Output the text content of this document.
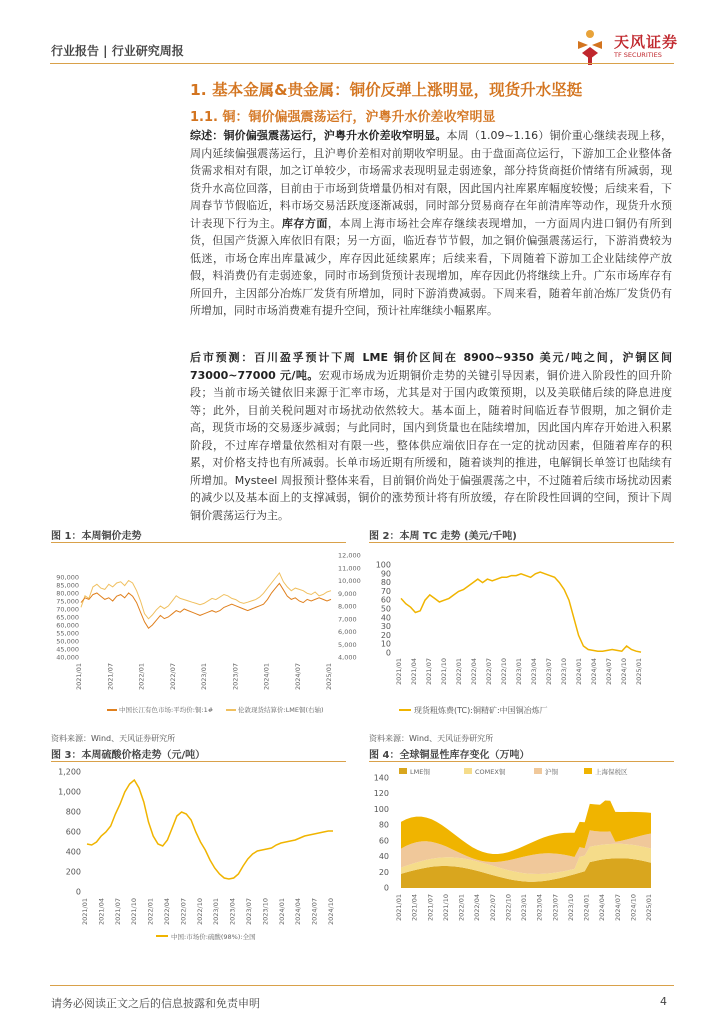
行业报告 | 行业研究周报	天风证券
TF SECURITIES
1. 基本金属&贵金属：铜价反弹上涨明显，现货升水坚挺
1.1. 铜：铜价偏强震荡运行，沪粤升水价差收窄明显

综述：铜价偏强震荡运行，沪粤升水价差收窄明显。本周（1.09~1.16）铜价重心继续表现上移，周内延续偏强震荡运行，且沪粤价差相对前期收窄明显。由于盘面高位运行，下游加工企业整体备货需求相对有限，加之订单较少，市场需求表现明显走弱迹象，部分持货商挺价情绪有所减弱，现货升水高位回落，目前由于市场到货增量仍相对有限，因此国内社库累库幅度较慢；后续来看，下周春节节假临近，料市场交易活跃度逐渐减弱，同时部分贸易商存在年前清库等动作，现货升水预计表现下行为主。库存方面，本周上海市场社会库存继续表现增加，一方面周内进口铜仍有所到货，但国产货源入库依旧有限；另一方面，临近春节节假，加之铜价偏强震荡运行，下游消费较为低迷，市场仓库出库量减少，库存因此延续累库；后续来看，下周随着下游加工企业陆续停产放假，料消费仍有走弱迹象，同时市场到货预计表现增加，库存因此仍将继续上升。广东市场库存有所回升，主因部分冶炼厂发货有所增加，同时下游消费减弱。下周来看，随着年前冶炼厂发货仍有所增加，同时市场消费难有提升空间，预计社库继续小幅累库。

后市预测：百川盈孚预计下周 LME 铜价区间在 8900~9350 美元/吨之间，沪铜区间 73000~77000 元/吨。宏观市场成为近期铜价走势的关键引导因素，铜价进入阶段性的回升阶段；当前市场关键依旧来源于汇率市场，尤其是对于国内政策预期，以及美联储后续的降息进度等；此外，目前关税问题对市场扰动依然较大。基本面上，随着时间临近春节假期，加之铜价走高，现货市场的交易逐步减弱；与此同时，国内到货量也在陆续增加，因此国内库存开始进入积累阶段，不过库存增量依然相对有限一些，整体供应端依旧存在一定的扰动因素，但随着库存的积累，对价格支持也有所减弱。长单市场近期有所缓和，随着谈判的推进，电解铜长单签订也陆续有所增加。Mysteel 周报预计整体来看，目前铜价尚处于偏强震荡之中，不过随着后续市场扰动因素的减少以及基本面上的支撑减弱，铜价的涨势预计将有所放缓，存在阶段性回调的空间，预计下周铜价震荡运行为主。

图 1：本周铜价走势
90,000
85,000
80,000
75,000
70,000
65,000
60,000
55,000
50,000
45,000
40,000
12,000
11,000
10,000
9,000
8,000
7,000
6,000
5,000
4,000
2021/01	2021/07	2022/01	2022/07	2023/01	2023/07	2024/01	2024/07	2025/01
中国长江有色市场:平均价:铜:1#	伦敦现货结算价:LME铜(右轴)
资料来源：Wind、天风证券研究所
图 2：本周 TC 走势 (美元/千吨)
100
90
80
70
60
50
40
30
20
10
0
2021/01 2021/04 2021/07 2021/10 2022/01 2022/04 2022/07 2022/10 2023/01 2023/04 2023/07 2023/10 2024/01 2024/04 2024/07 2024/10 2025/01
现货粗炼费(TC):铜精矿:中国铜冶炼厂
资料来源：Wind、天风证券研究所
图 3：本周硫酸价格走势（元/吨）
1,200
1,000
800
600
400
200
0
2021/01 2021/04 2021/07 2021/10 2022/01 2022/04 2022/07 2022/10 2023/01 2023/04 2023/07 2023/10 2024/01 2024/04 2024/07 2024/10
中国:市场价:硫酸(98%):全国
图 4：全球铜显性库存变化（万吨）
LME铜	COMEX铜	沪铜	上海保税区
140
120
100
80
60
40
20
0
2021/01 2021/04 2021/07 2021/10 2022/01 2022/04 2022/07 2022/10 2023/01 2023/04 2023/07 2023/10 2024/01 2024/04 2024/07 2024/10 2025/01
请务必阅读正文之后的信息披露和免责申明	4
